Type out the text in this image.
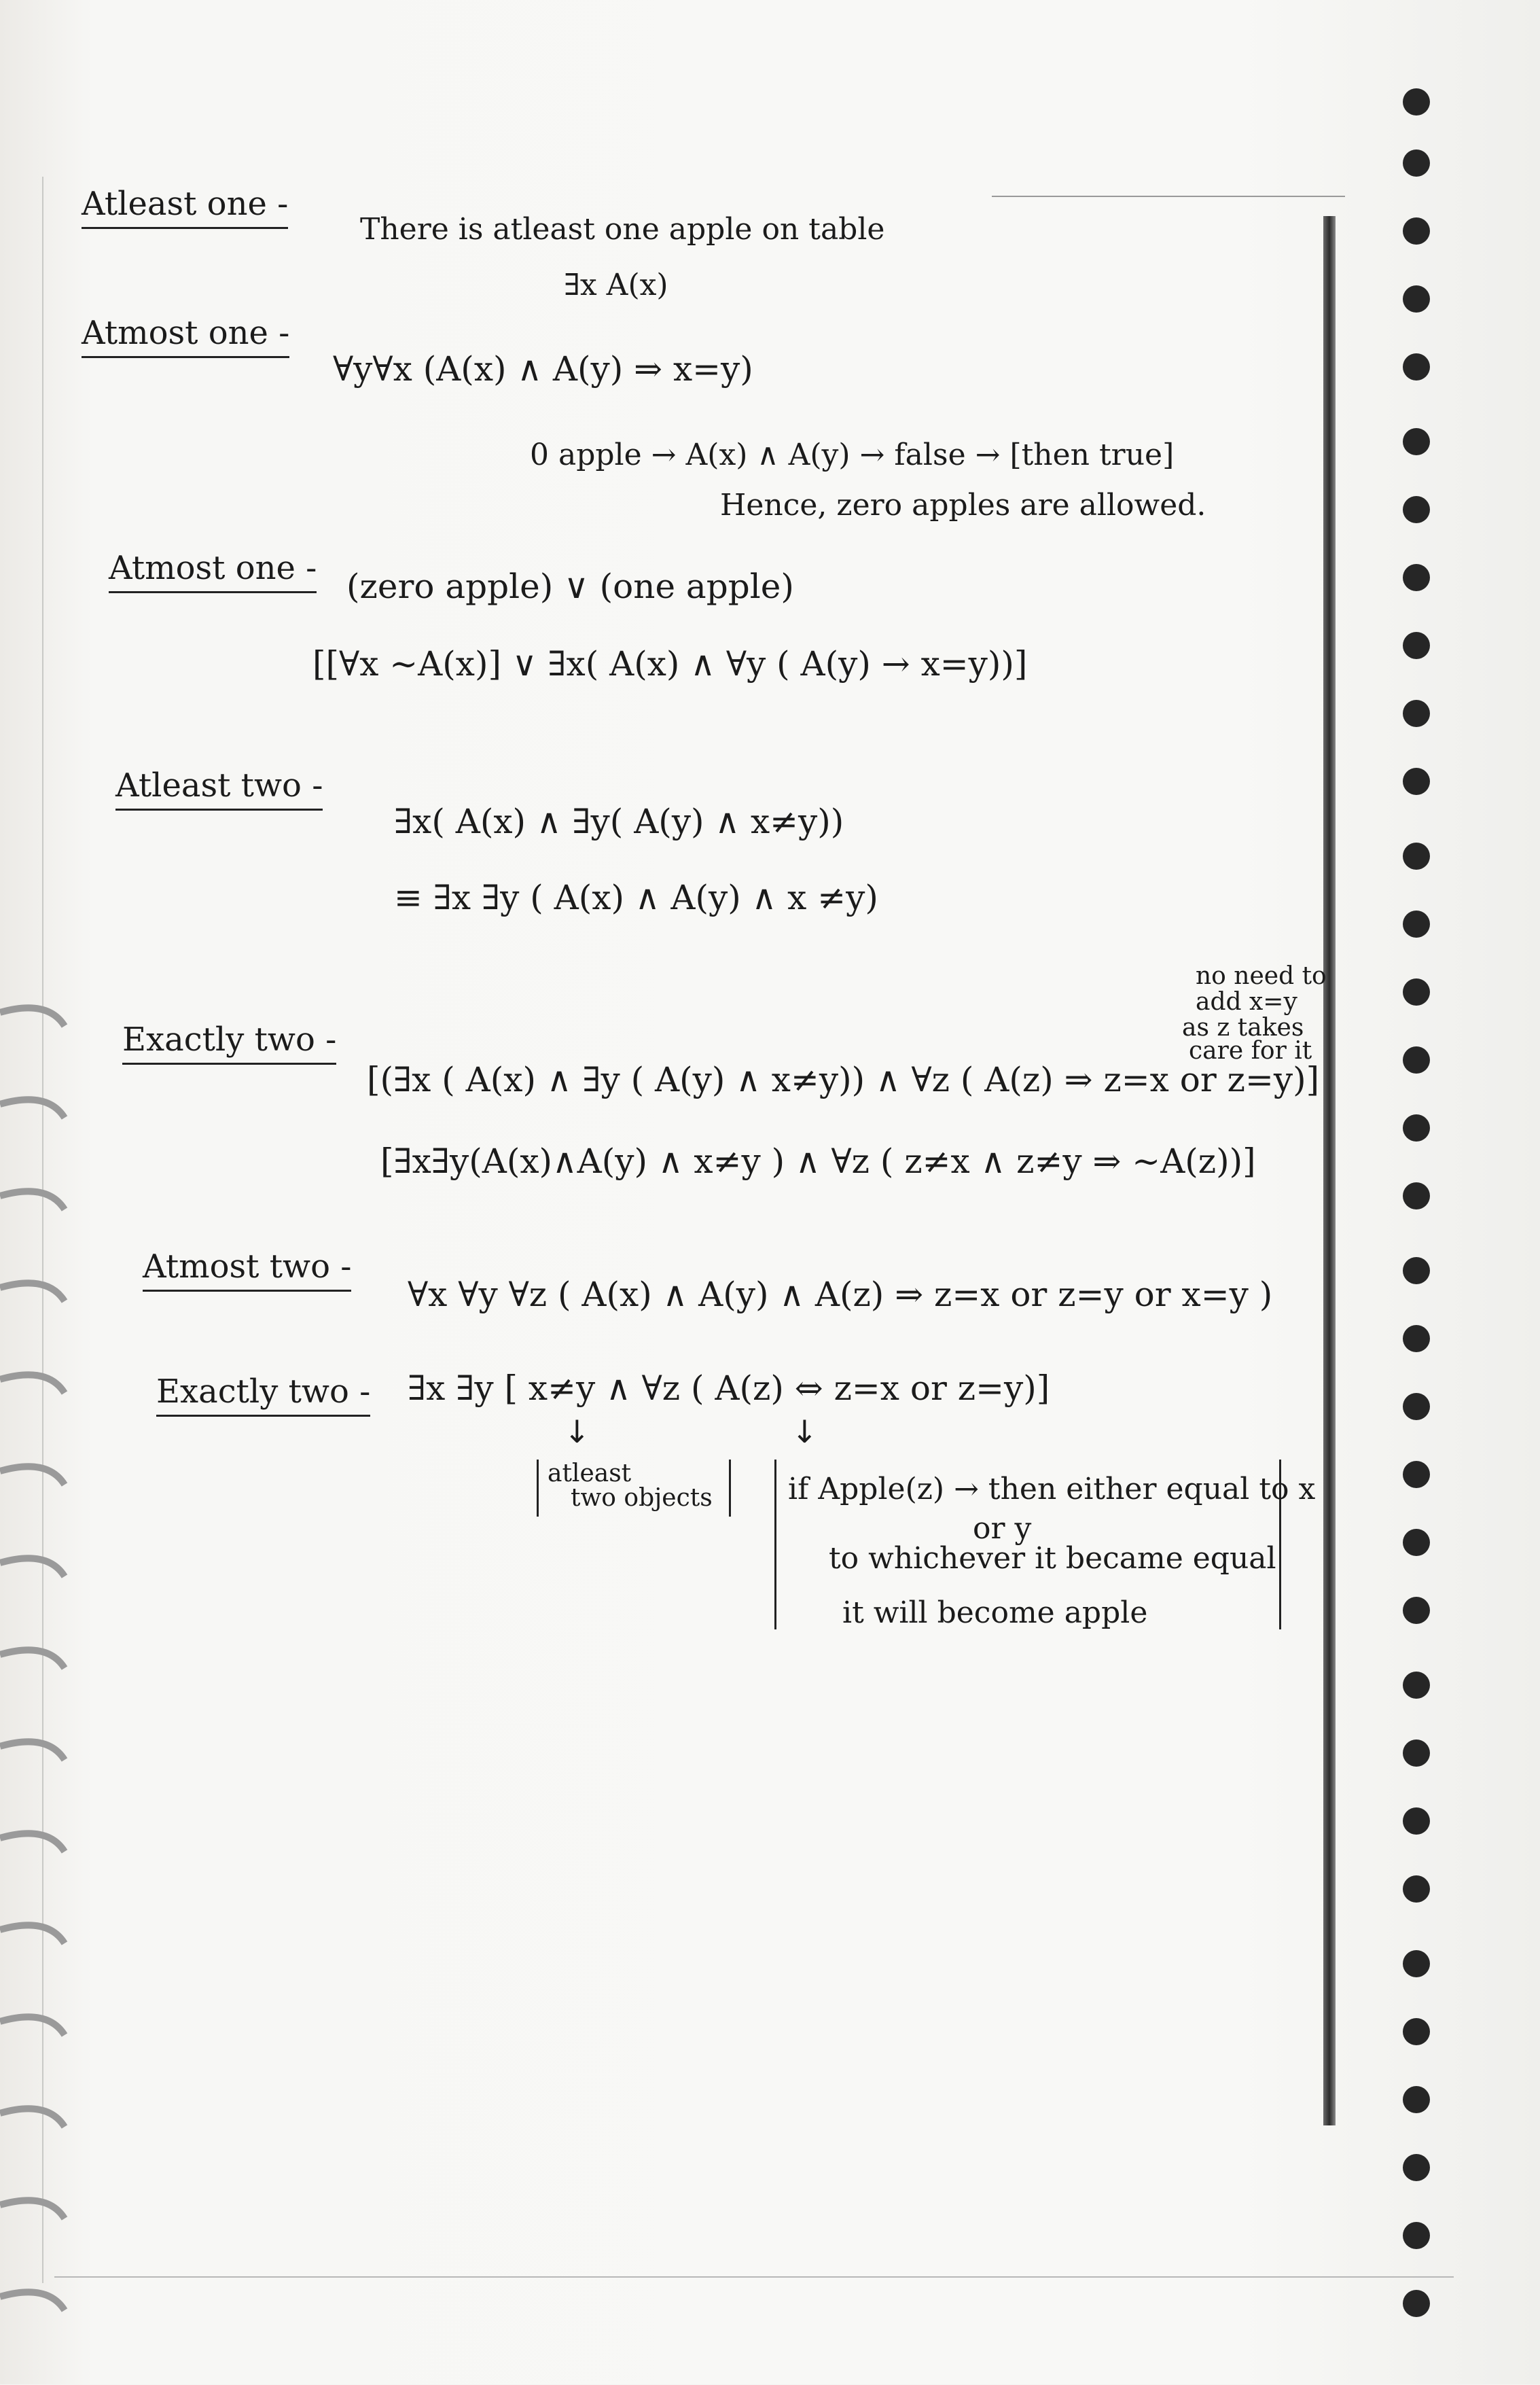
Atleast one -
There is atleast one apple on table
∃x A(x)
Atmost one -
∀y∀x (A(x) ∧ A(y) ⇒ x=y)
0 apple → A(x) ∧ A(y) → false → [then true]
Hence, zero apples are allowed.
Atmost one - (zero apple) ∨ (one apple)
[[∀x ∼A(x)] ∨ ∃x( A(x) ∧ ∀y ( A(y) → x=y))]
Atleast two -
∃x( A(x) ∧ ∃y( A(y) ∧ x≠y))
≡ ∃x ∃y ( A(x) ∧ A(y) ∧ x ≠y)
no need to
add x=y
as z takes
care for it
Exactly two -
[(∃x ( A(x) ∧ ∃y ( A(y) ∧ x≠y)) ∧ ∀z ( A(z) ⇒ z=x or z=y)]
[∃x∃y(A(x)∧A(y) ∧ x≠y ) ∧ ∀z ( z≠x ∧ z≠y ⇒ ∼A(z))]
Atmost two -
∀x ∀y ∀z ( A(x) ∧ A(y) ∧ A(z) ⇒ z=x or z=y or x=y )
Exactly two - ∃x ∃y [ x≠y ∧ ∀z ( A(z) ⇔ z=x or z=y)]
↓	↓
atleast
two objects	if Apple(z) → then either equal to x
or y
to whichever it became equal
it will become apple
